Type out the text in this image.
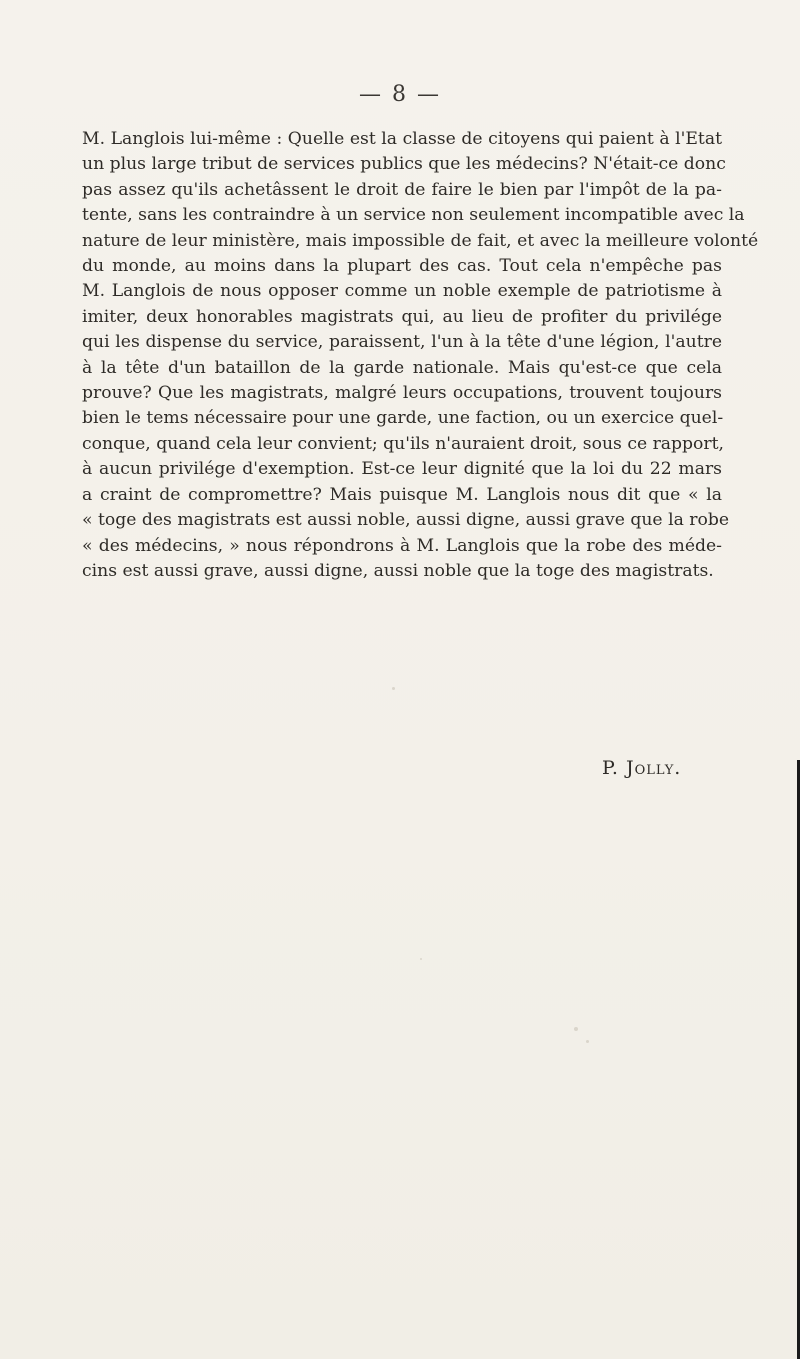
— 8 —
M. Langlois lui-même : Quelle est la classe de citoyens qui paient à l'Etat
un plus large tribut de services publics que les médecins? N'était-ce donc
pas assez qu'ils achetâssent le droit de faire le bien par l'impôt de la pa-
tente, sans les contraindre à un service non seulement incompatible avec la
nature de leur ministère, mais impossible de fait, et avec la meilleure volonté
du monde, au moins dans la plupart des cas. Tout cela n'empêche pas
M. Langlois de nous opposer comme un noble exemple de patriotisme à
imiter, deux honorables magistrats qui, au lieu de profiter du privilége
qui les dispense du service, paraissent, l'un à la tête d'une légion, l'autre
à la tête d'un bataillon de la garde nationale. Mais qu'est-ce que cela
prouve? Que les magistrats, malgré leurs occupations, trouvent toujours
bien le tems nécessaire pour une garde, une faction, ou un exercice quel-
conque, quand cela leur convient; qu'ils n'auraient droit, sous ce rapport,
à aucun privilége d'exemption. Est-ce leur dignité que la loi du 22 mars
a craint de compromettre? Mais puisque M. Langlois nous dit que « la
« toge des magistrats est aussi noble, aussi digne, aussi grave que la robe
« des médecins, » nous répondrons à M. Langlois que la robe des méde-
cins est aussi grave, aussi digne, aussi noble que la toge des magistrats.
P. Jolly.
